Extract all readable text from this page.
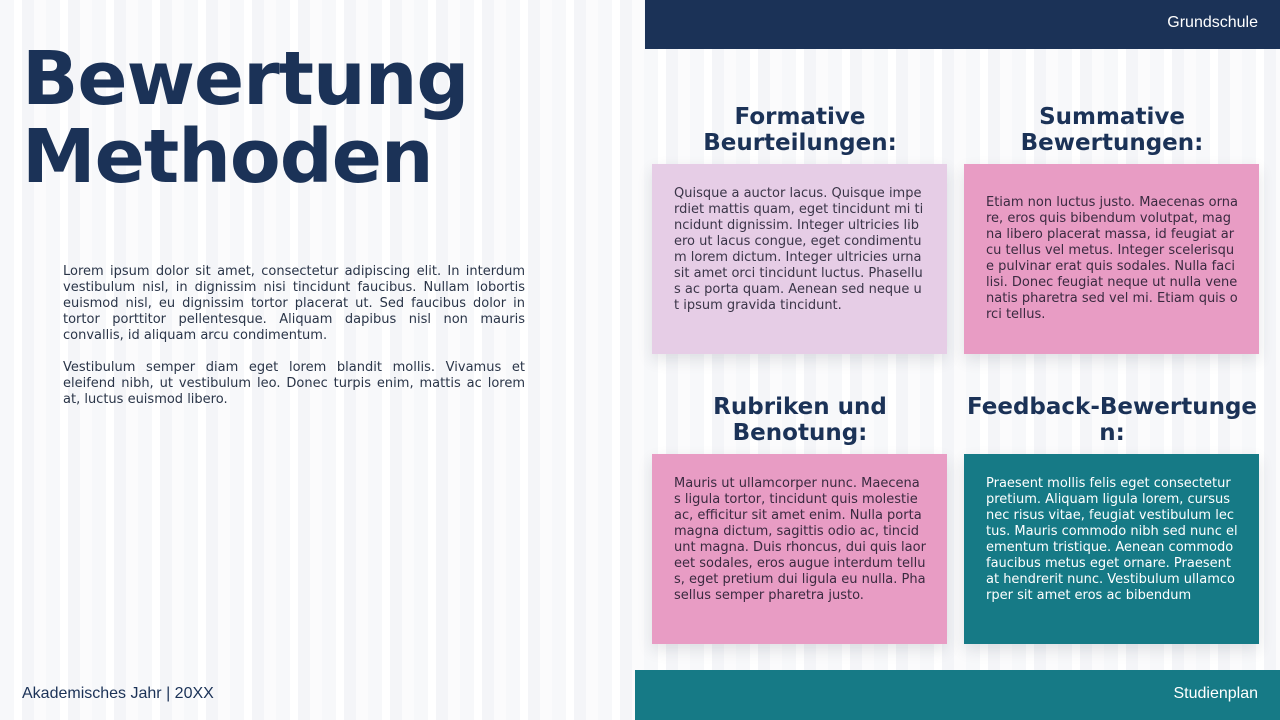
Grundschule
Bewertung
Methoden

Lorem ipsum dolor sit amet, consectetur adipiscing elit. In interdum vestibulum nisl, in dignissim nisi tincidunt faucibus. Nullam lobortis euismod nisl, eu dignissim tortor placerat ut. Sed faucibus dolor in tortor porttitor pellentesque. Aliquam dapibus nisl non mauris convallis, id aliquam arcu condimentum.

Vestibulum semper diam eget lorem blandit mollis. Vivamus et eleifend nibh, ut vestibulum leo. Donec turpis enim, mattis ac lorem at, luctus euismod libero.

Formative Beurteilungen:
Quisque a auctor lacus. Quisque imperdiet mattis quam, eget tincidunt mi tincidunt dignissim. Integer ultricies libero ut lacus congue, eget condimentum lorem dictum. Integer ultricies urna sit amet orci tincidunt luctus. Phasellus ac porta quam. Aenean sed neque ut ipsum gravida tincidunt.
Summative Bewertungen:
Etiam non luctus justo. Maecenas ornare, eros quis bibendum volutpat, magna libero placerat massa, id feugiat arcu tellus vel metus. Integer scelerisque pulvinar erat quis sodales. Nulla facilisi. Donec feugiat neque ut nulla venenatis pharetra sed vel mi. Etiam quis orci tellus.
Rubriken und Benotung:
Mauris ut ullamcorper nunc. Maecenas ligula tortor, tincidunt quis molestie ac, efficitur sit amet enim. Nulla porta magna dictum, sagittis odio ac, tincidunt magna. Duis rhoncus, dui quis laoreet sodales, eros augue interdum tellus, eget pretium dui ligula eu nulla. Phasellus semper pharetra justo.
Feedback-Bewertungen:
Praesent mollis felis eget consectetur pretium. Aliquam ligula lorem, cursus nec risus vitae, feugiat vestibulum lectus. Mauris commodo nibh sed nunc elementum tristique. Aenean commodo faucibus metus eget ornare. Praesent at hendrerit nunc. Vestibulum ullamcorper sit amet eros ac bibendum
Akademisches Jahr | 20XX	Studienplan
